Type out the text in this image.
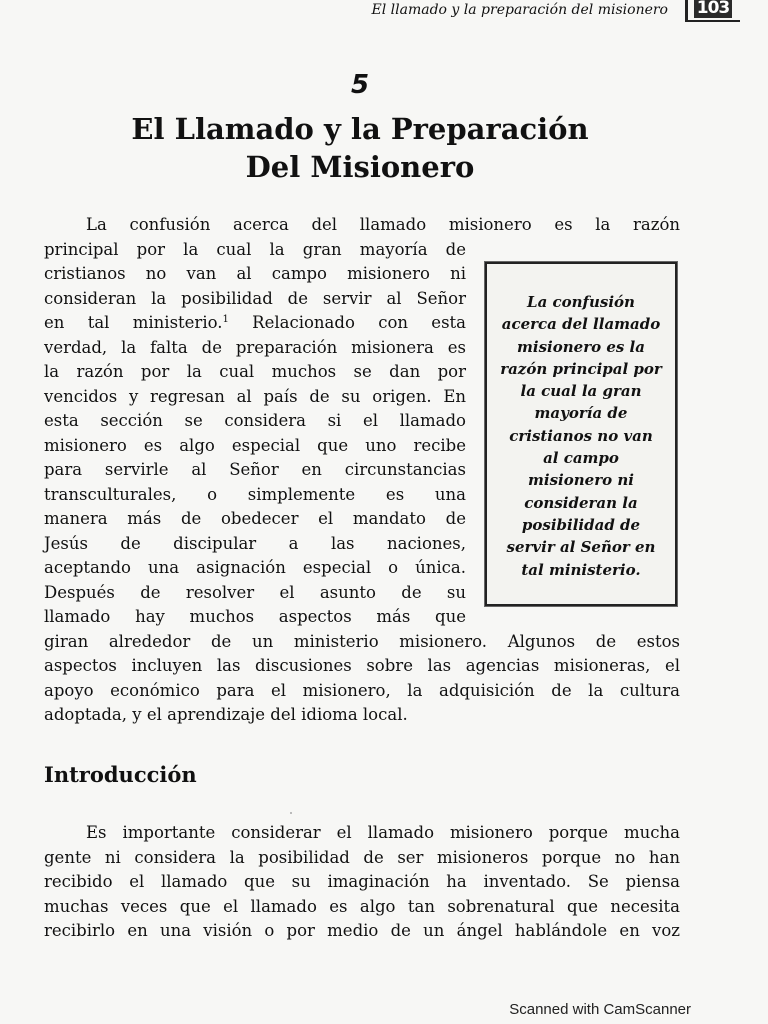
El llamado y la preparación del misionero 103
5
El Llamado y la Preparación
Del Misionero
La confusión acerca del llamado misionero es la razón
principal por la cual la gran mayoría de
cristianos no van al campo misionero ni
consideran la posibilidad de servir al Señor
en tal ministerio.$^1$ Relacionado con esta
verdad, la falta de preparación misionera es
la razón por la cual muchos se dan por
vencidos y regresan al país de su origen. En
esta sección se considera si el llamado
misionero es algo especial que uno recibe
para servirle al Señor en circunstancias
transculturales, o simplemente es una
manera más de obedecer el mandato de
Jesús de discipular a las naciones,
aceptando una asignación especial o única.
Después de resolver el asunto de su
llamado hay muchos aspectos más que
giran alrededor de un ministerio misionero. Algunos de estos
aspectos incluyen las discusiones sobre las agencias misioneras, el
apoyo económico para el misionero, la adquisición de la cultura
adoptada, y el aprendizaje del idioma local.
La confusión
acerca del llamado
misionero es la
razón principal por
la cual la gran
mayoría de
cristianos no van
al campo
misionero ni
consideran la
posibilidad de
servir al Señor en
tal ministerio.
Introducción
Es importante considerar el llamado misionero porque mucha
gente ni considera la posibilidad de ser misioneros porque no han
recibido el llamado que su imaginación ha inventado. Se piensa
muchas veces que el llamado es algo tan sobrenatural que necesita
recibirlo en una visión o por medio de un ángel hablándole en voz
Scanned with CamScanner
